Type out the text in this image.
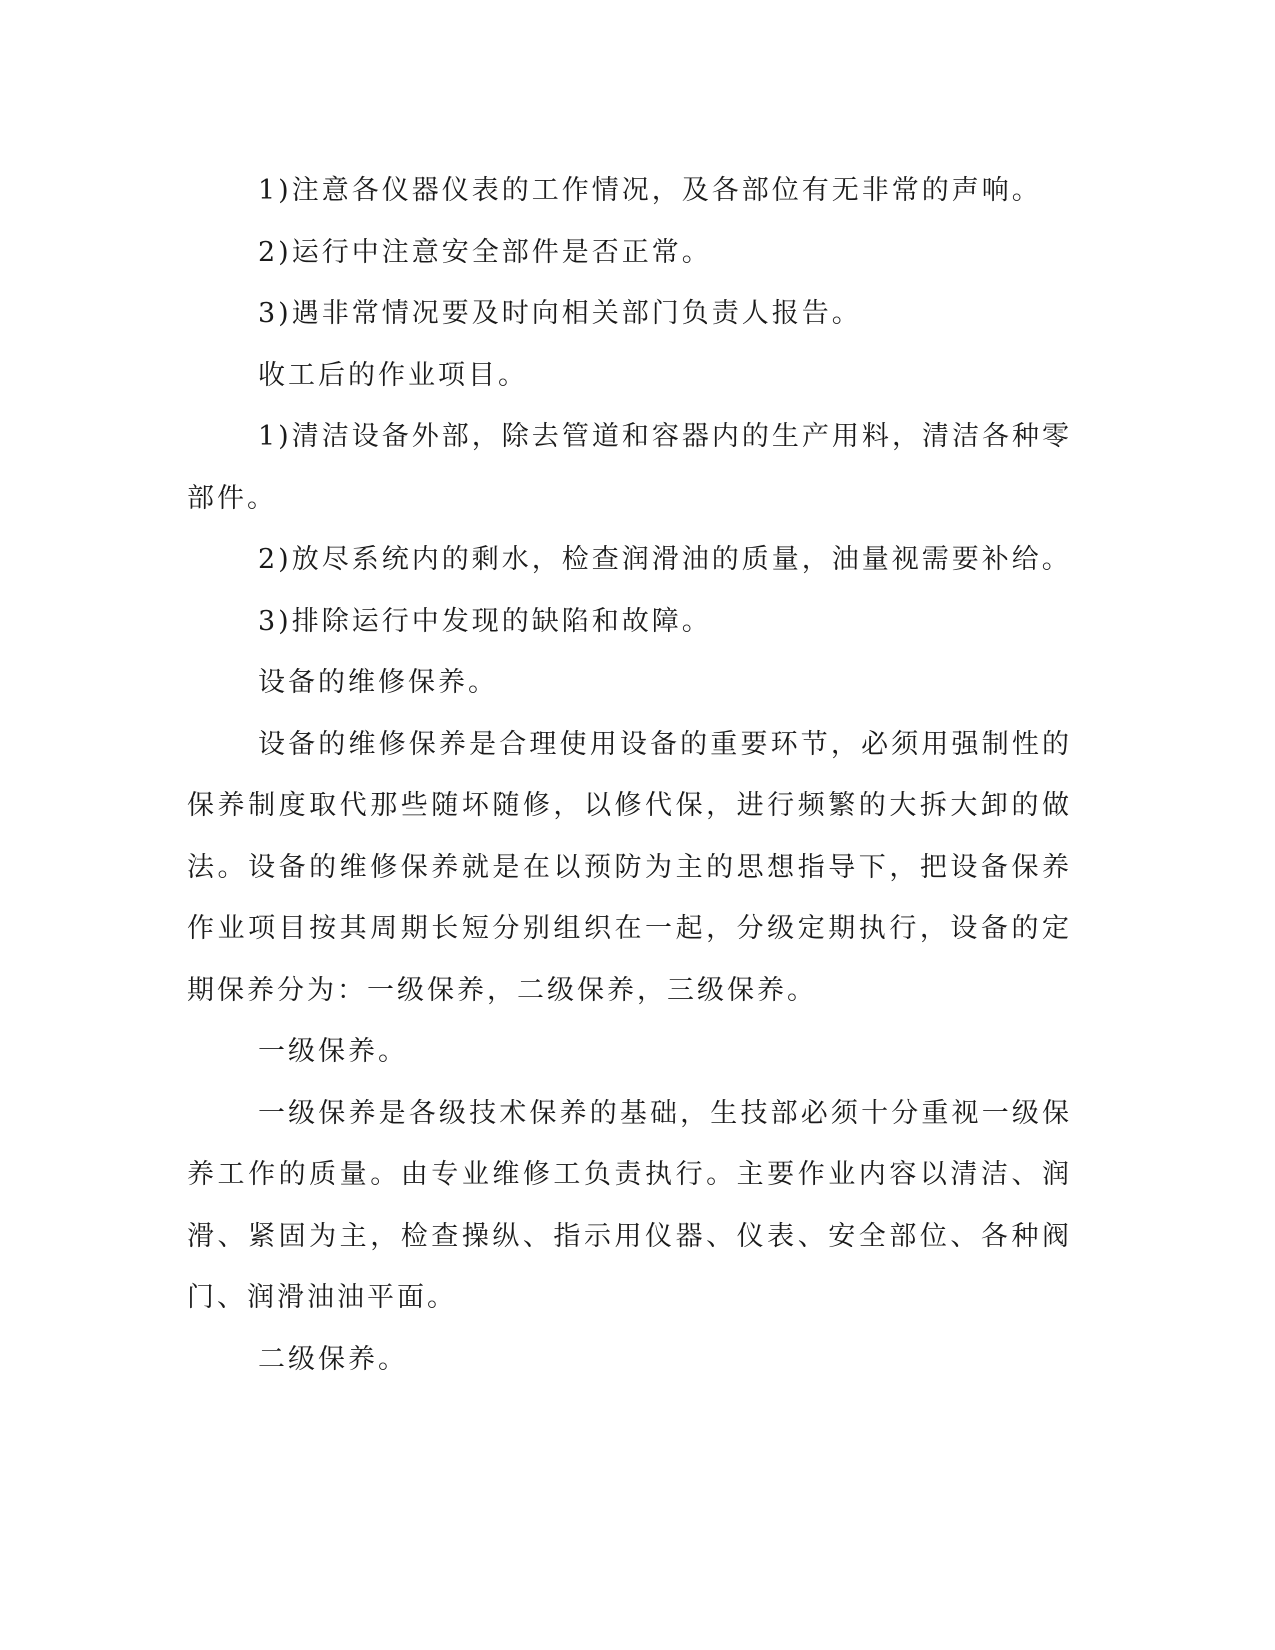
1)注意各仪器仪表的工作情况，及各部位有无非常的声响。

2)运行中注意安全部件是否正常。

3)遇非常情况要及时向相关部门负责人报告。

收工后的作业项目。

1)清洁设备外部，除去管道和容器内的生产用料，清洁各种零部件。

2)放尽系统内的剩水，检查润滑油的质量，油量视需要补给。

3)排除运行中发现的缺陷和故障。

设备的维修保养。

设备的维修保养是合理使用设备的重要环节，必须用强制性的保养制度取代那些随坏随修，以修代保，进行频繁的大拆大卸的做法。设备的维修保养就是在以预防为主的思想指导下，把设备保养作业项目按其周期长短分别组织在一起，分级定期执行，设备的定期保养分为：一级保养，二级保养，三级保养。

一级保养。

一级保养是各级技术保养的基础，生技部必须十分重视一级保养工作的质量。由专业维修工负责执行。主要作业内容以清洁、润滑、紧固为主，检查操纵、指示用仪器、仪表、安全部位、各种阀门、润滑油油平面。

二级保养。
